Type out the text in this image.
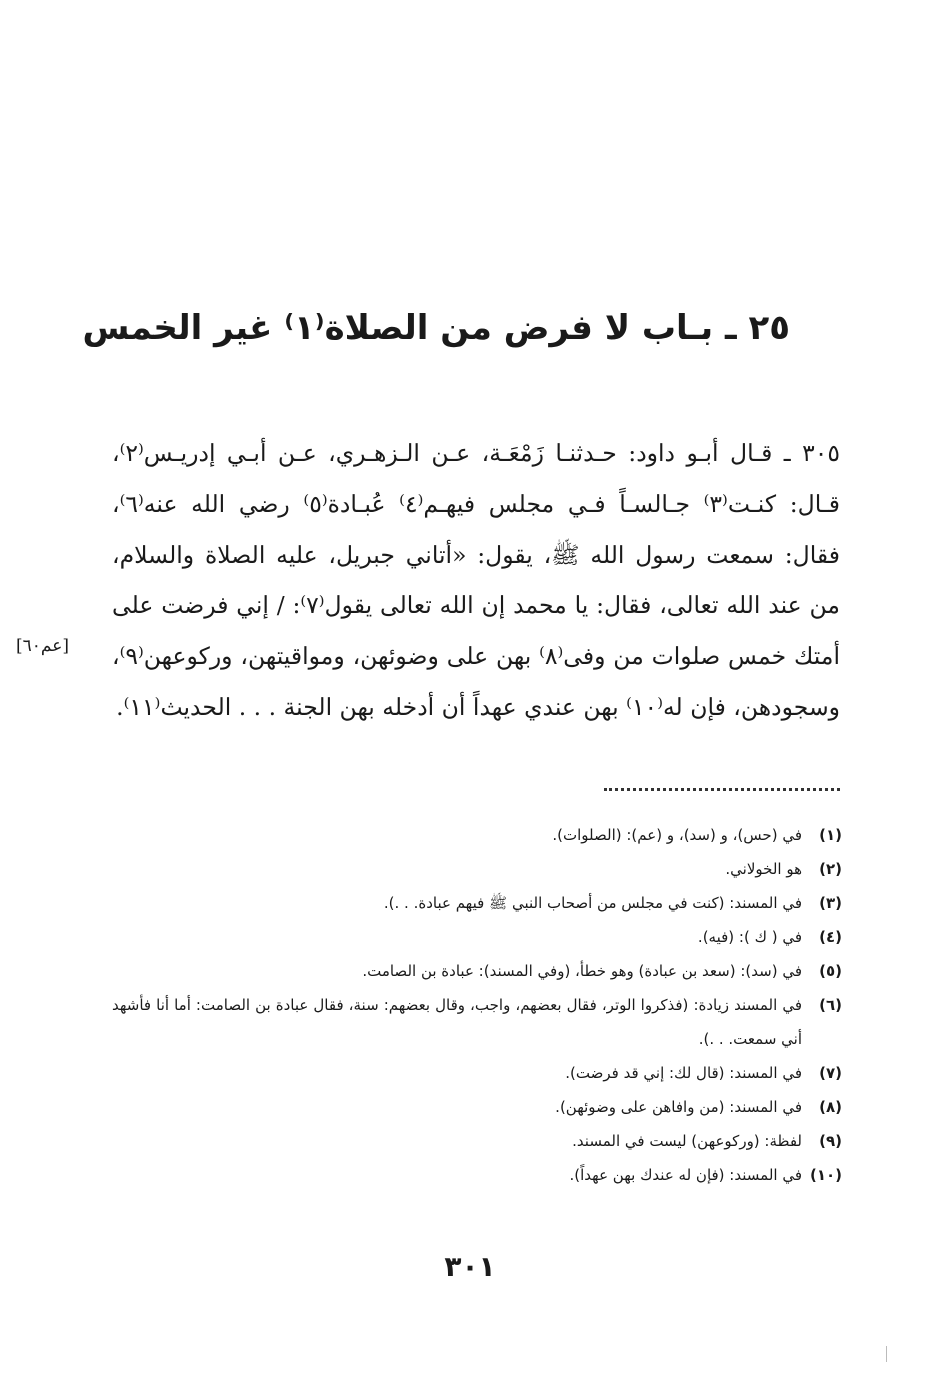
٢٥ ـ بـاب لا فرض من الصلاة⁽١⁾ غير الخمس
٣٠٥ ـ قـال أبـو داود: حـدثنـا زَمْعَـة، عـن الـزهـري، عـن أبـي إدريـس⁽٢⁾، قـال: كنـت⁽٣⁾ جـالسـاً فـي مجلس فيهـم⁽٤⁾ عُبـادة⁽٥⁾ رضي الله عنه⁽٦⁾، فقال: سمعت رسول الله ﷺ، يقول: «أتاني جبريل، عليه الصلاة والسلام، من عند الله تعالى، فقال: يا محمد إن الله تعالى يقول⁽٧⁾: / إني فرضت على أمتك خمس صلوات من وفى⁽٨⁾ بهن على وضوئهن، ومواقيتهن، وركوعهن⁽٩⁾، وسجودهن، فإن له⁽١٠⁾ بهن عندي عهداً أن أدخله بهن الجنة . . . الحديث⁽١١⁾.
[عم٦٠]
(١)
في (حس)، و (سد)، و (عم): (الصلوات).
(٢)
هو الخولاني.
(٣)
في المسند: (كنت في مجلس من أصحاب النبي ﷺ فيهم عبادة. . .).
(٤)
في ( ك ): (فيه).
(٥)
في (سد): (سعد بن عبادة) وهو خطأ، (وفي المسند): عبادة بن الصامت.
(٦)
في المسند زيادة: (فذكروا الوتر، فقال بعضهم، واجب، وقال بعضهم: سنة، فقال عبادة بن الصامت: أما أنا فأشهد أني سمعت. . .).
(٧)
في المسند: (قال لك: إني قد فرضت).
(٨)
في المسند: (من وافاهن على وضوئهن).
(٩)
لفظة: (وركوعهن) ليست في المسند.
(١٠)
في المسند: (فإن له عندك بهن عهداً).
٣٠١
